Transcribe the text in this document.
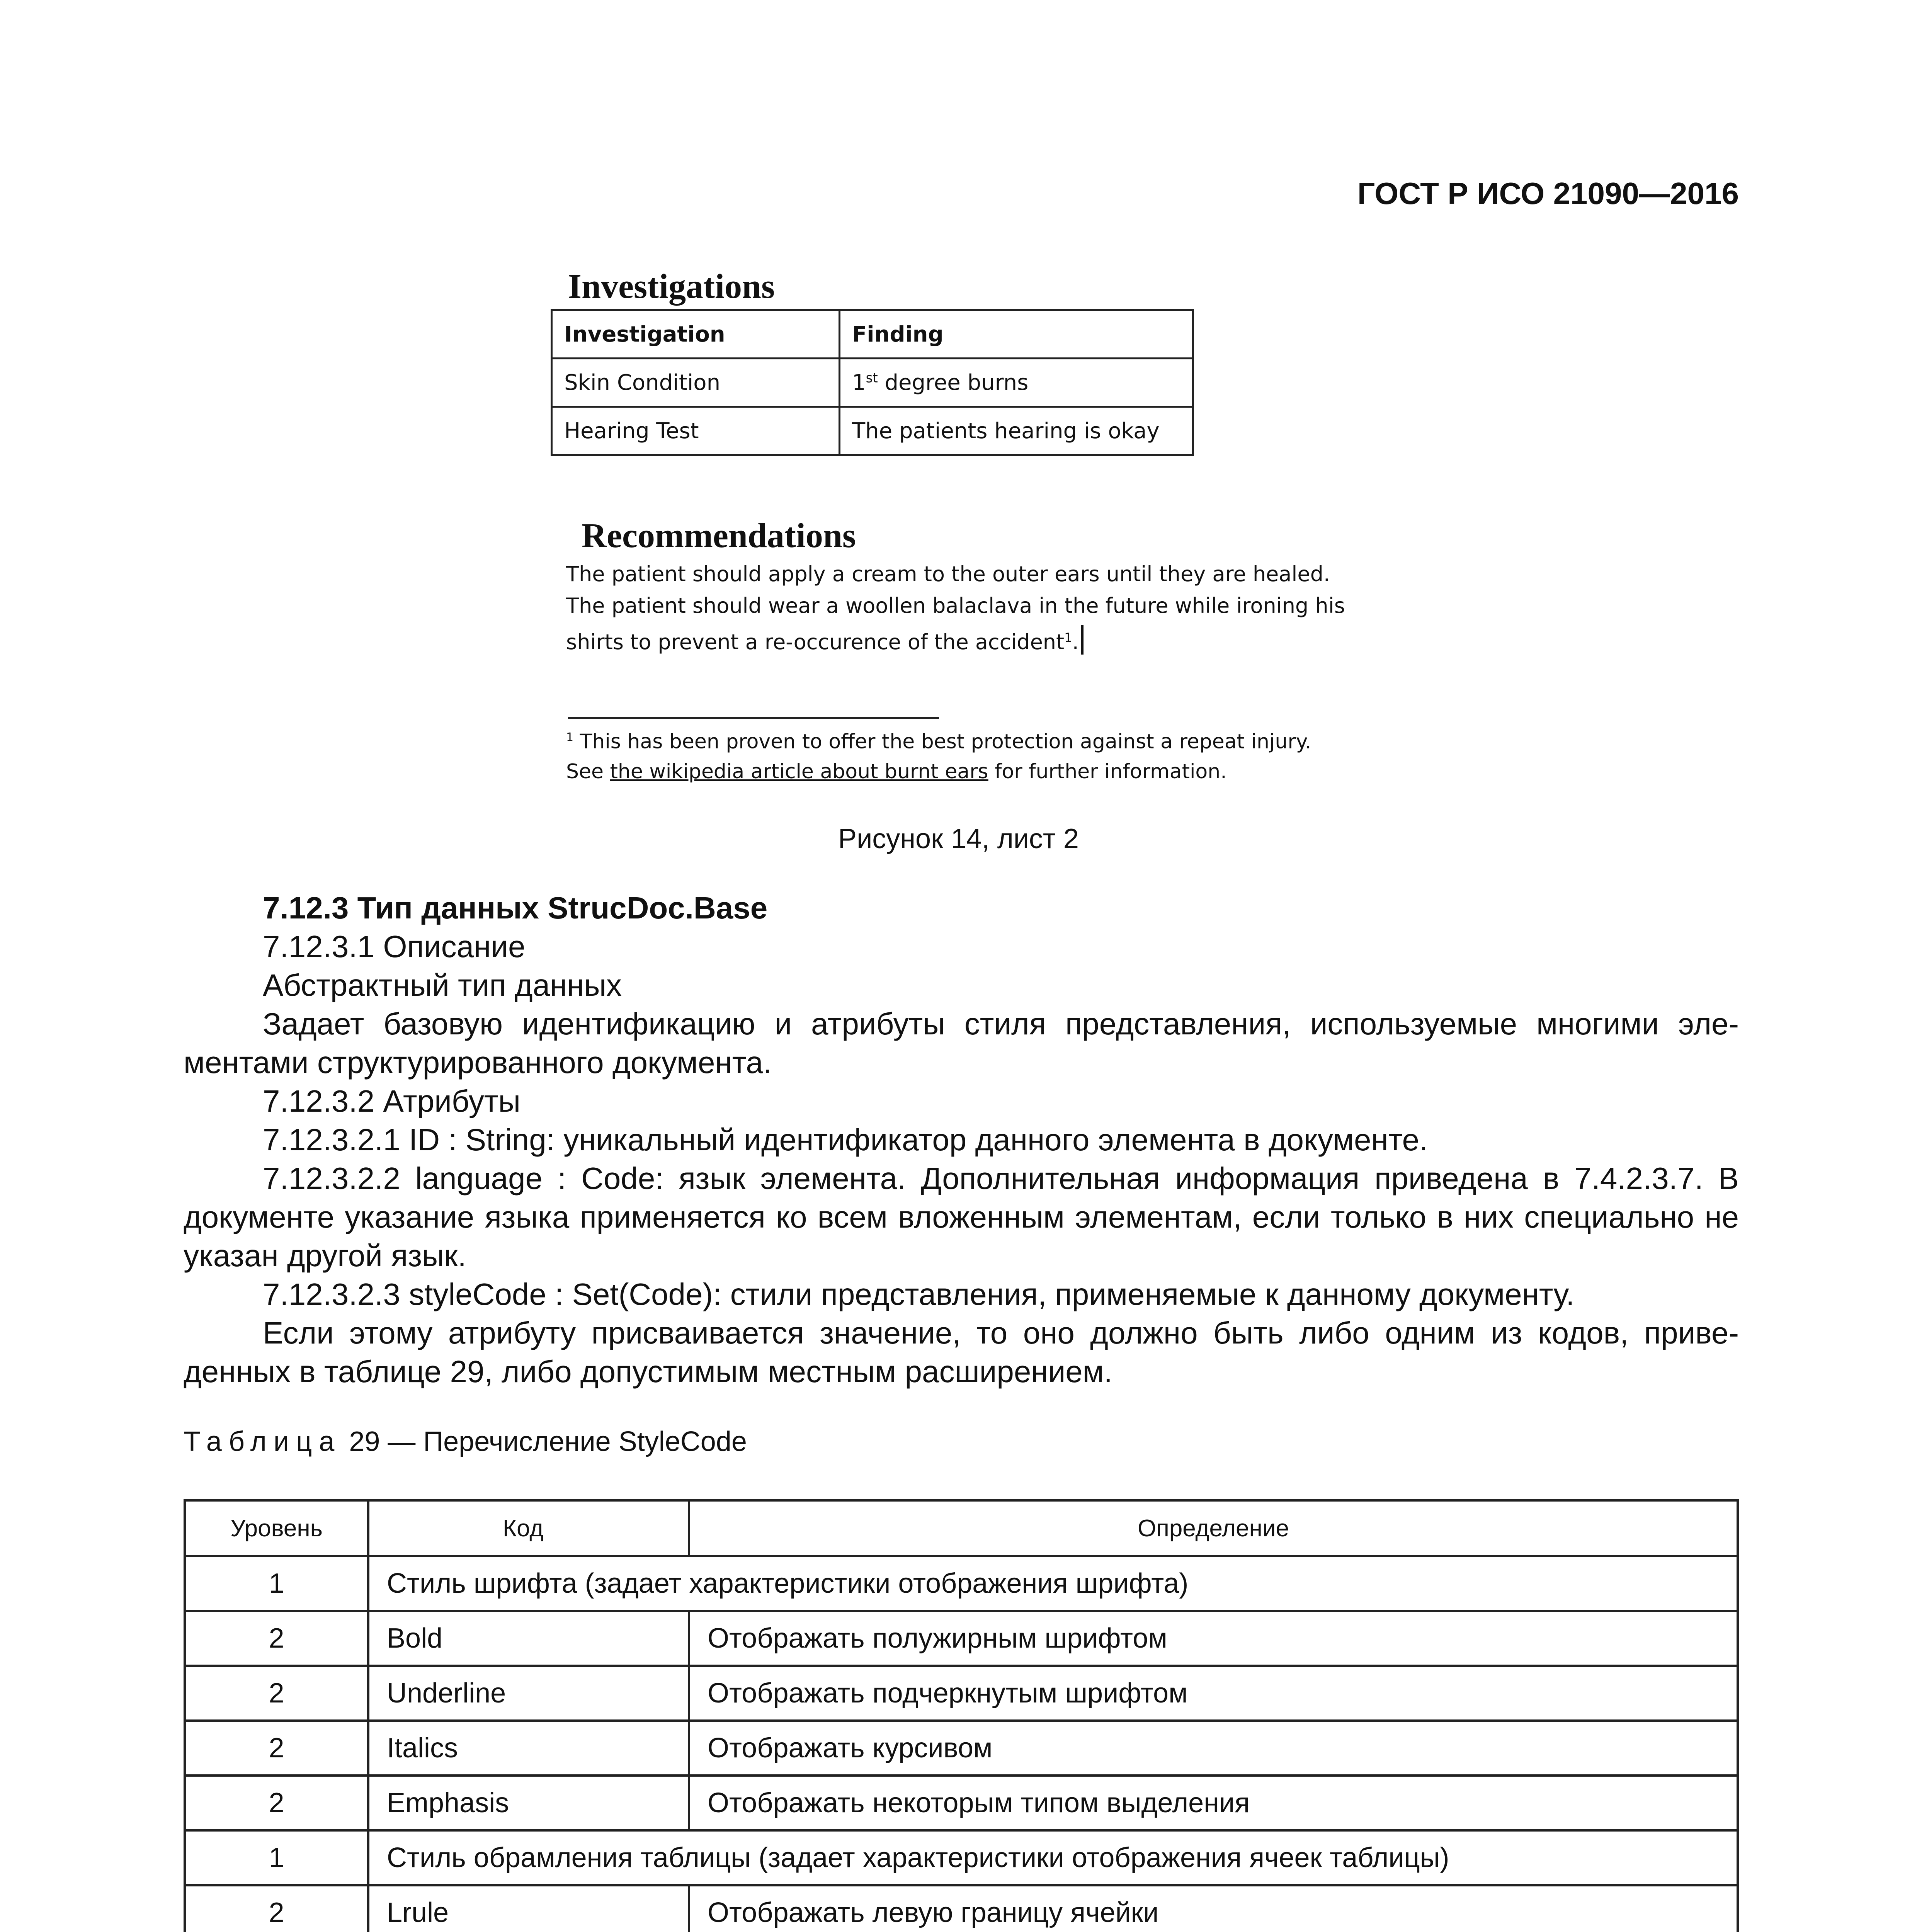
ГОСТ Р ИСО 21090—2016
Investigations
Investigation	Finding
Skin Condition	1st degree burns
Hearing Test	The patients hearing is okay
Recommendations
The patient should apply a cream to the outer ears until they are healed.
The patient should wear a woollen balaclava in the future while ironing his
shirts to prevent a re-occurence of the accident$^1$.
$^1$ This has been proven to offer the best protection against a repeat injury.
See the wikipedia article about burnt ears for further information.
Рисунок 14, лист 2

7.12.3 Тип данных StrucDoc.Base

7.12.3.1 Описание

Абстрактный тип данных

Задает базовую идентификацию и атрибуты стиля представления, используемые многими элементами структурированного документа.

7.12.3.2 Атрибуты

7.12.3.2.1 ID : String: уникальный идентификатор данного элемента в документе.

7.12.3.2.2 language : Code: язык элемента. Дополнительная информация приведена в 7.4.2.3.7. В документе указание языка применяется ко всем вложенным элементам, если только в них специально не указан другой язык.

7.12.3.2.3 styleCode : Set(Code): стили представления, применяемые к данному документу.

Если этому атрибуту присваивается значение, то оно должно быть либо одним из кодов, приведенных в таблице 29, либо допустимым местным расширением.

Таблица 29 — Перечисление StyleCode
Уровень	Код	Определение
1	Стиль шрифта (задает характеристики отображения шрифта)	
2	Bold	Отображать полужирным шрифтом
2	Underline	Отображать подчеркнутым шрифтом
2	Italics	Отображать курсивом
2	Emphasis	Отображать некоторым типом выделения
1	Стиль обрамления таблицы (задает характеристики отображения ячеек таблицы)	
2	Lrule	Отображать левую границу ячейки
